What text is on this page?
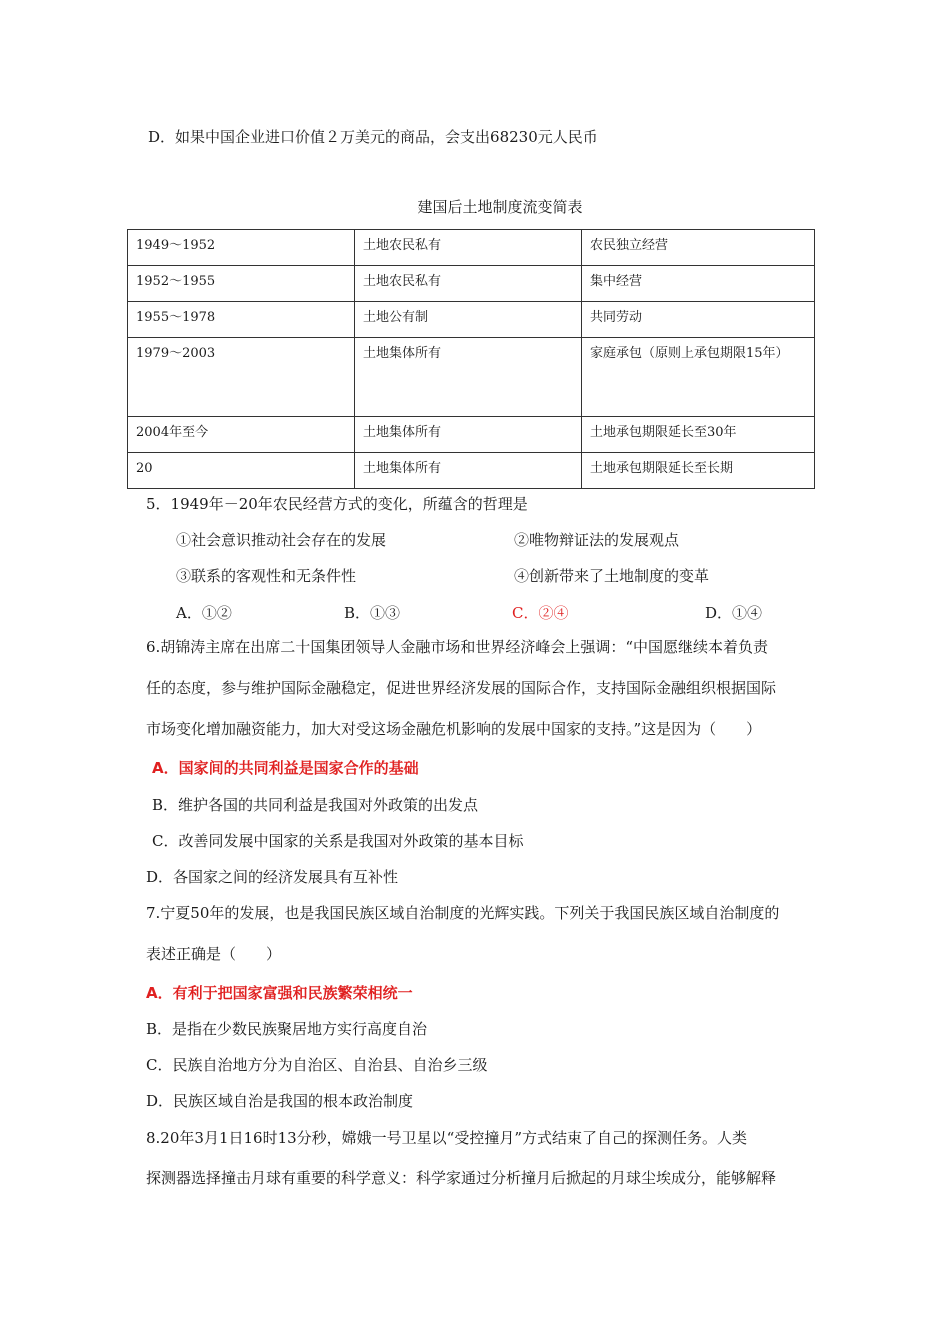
D．如果中国企业进口价值２万美元的商品，会支出68230元人民币
建国后土地制度流变简表
1949～1952	土地农民私有	农民独立经营

1952～1955	土地农民私有	集中经营

1955～1978	土地公有制	共同劳动

1979～2003	土地集体所有	家庭承包（原则上承包期限15年）

2004年至今	土地集体所有	土地承包期限延长至30年

20	土地集体所有	土地承包期限延长至长期
5．1949年－20年农民经营方式的变化，所蕴含的哲理是
①社会意识推动社会存在的发展	②唯物辩证法的发展观点
③联系的客观性和无条件性	④创新带来了土地制度的变革
A．①②	B．①③	C．②④	D．①④
6.胡锦涛主席在出席二十国集团领导人金融市场和世界经济峰会上强调：“中国愿继续本着负责
任的态度，参与维护国际金融稳定，促进世界经济发展的国际合作，支持国际金融组织根据国际
市场变化增加融资能力，加大对受这场金融危机影响的发展中国家的支持。”这是因为（　　）
A．国家间的共同利益是国家合作的基础
B．维护各国的共同利益是我国对外政策的出发点
C．改善同发展中国家的关系是我国对外政策的基本目标
D．各国家之间的经济发展具有互补性
7.宁夏50年的发展，也是我国民族区域自治制度的光辉实践。下列关于我国民族区域自治制度的
表述正确是（　　）
A．有利于把国家富强和民族繁荣相统一
B．是指在少数民族聚居地方实行高度自治
C．民族自治地方分为自治区、自治县、自治乡三级
D．民族区域自治是我国的根本政治制度
8.20年3月1日16时13分秒，嫦娥一号卫星以“受控撞月”方式结束了自己的探测任务。人类
探测器选择撞击月球有重要的科学意义：科学家通过分析撞月后掀起的月球尘埃成分，能够解释
